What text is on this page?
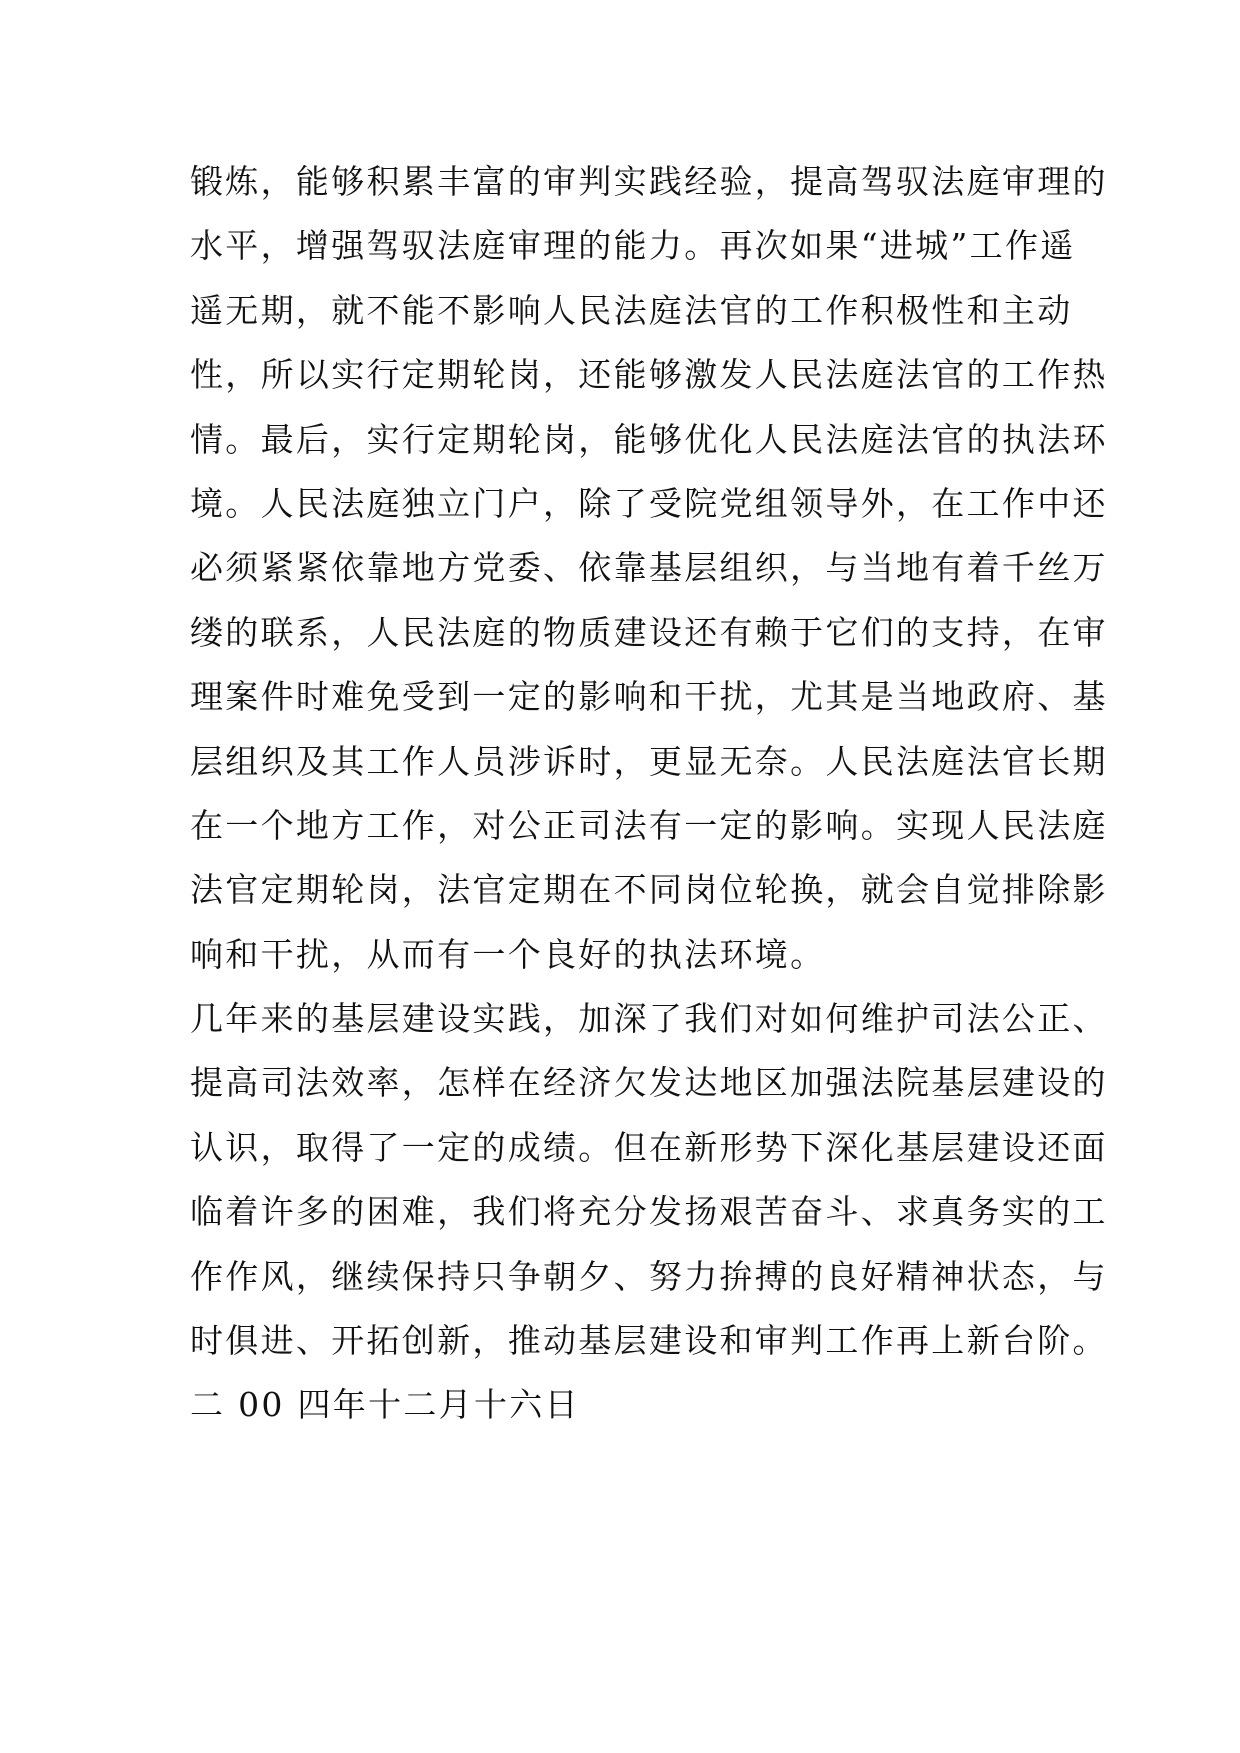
锻炼，能够积累丰富的审判实践经验，提高驾驭法庭审理的
水平，增强驾驭法庭审理的能力。再次如果“进城”工作遥
遥无期，就不能不影响人民法庭法官的工作积极性和主动
性，所以实行定期轮岗，还能够激发人民法庭法官的工作热
情。最后，实行定期轮岗，能够优化人民法庭法官的执法环
境。人民法庭独立门户，除了受院党组领导外，在工作中还
必须紧紧依靠地方党委、依靠基层组织，与当地有着千丝万
缕的联系，人民法庭的物质建设还有赖于它们的支持，在审
理案件时难免受到一定的影响和干扰，尤其是当地政府、基
层组织及其工作人员涉诉时，更显无奈。人民法庭法官长期
在一个地方工作，对公正司法有一定的影响。实现人民法庭
法官定期轮岗，法官定期在不同岗位轮换，就会自觉排除影
响和干扰，从而有一个良好的执法环境。
几年来的基层建设实践，加深了我们对如何维护司法公正、
提高司法效率，怎样在经济欠发达地区加强法院基层建设的
认识，取得了一定的成绩。但在新形势下深化基层建设还面
临着许多的困难，我们将充分发扬艰苦奋斗、求真务实的工
作作风，继续保持只争朝夕、努力拚搏的良好精神状态，与
时俱进、开拓创新，推动基层建设和审判工作再上新台阶。
二 00 四年十二月十六日
